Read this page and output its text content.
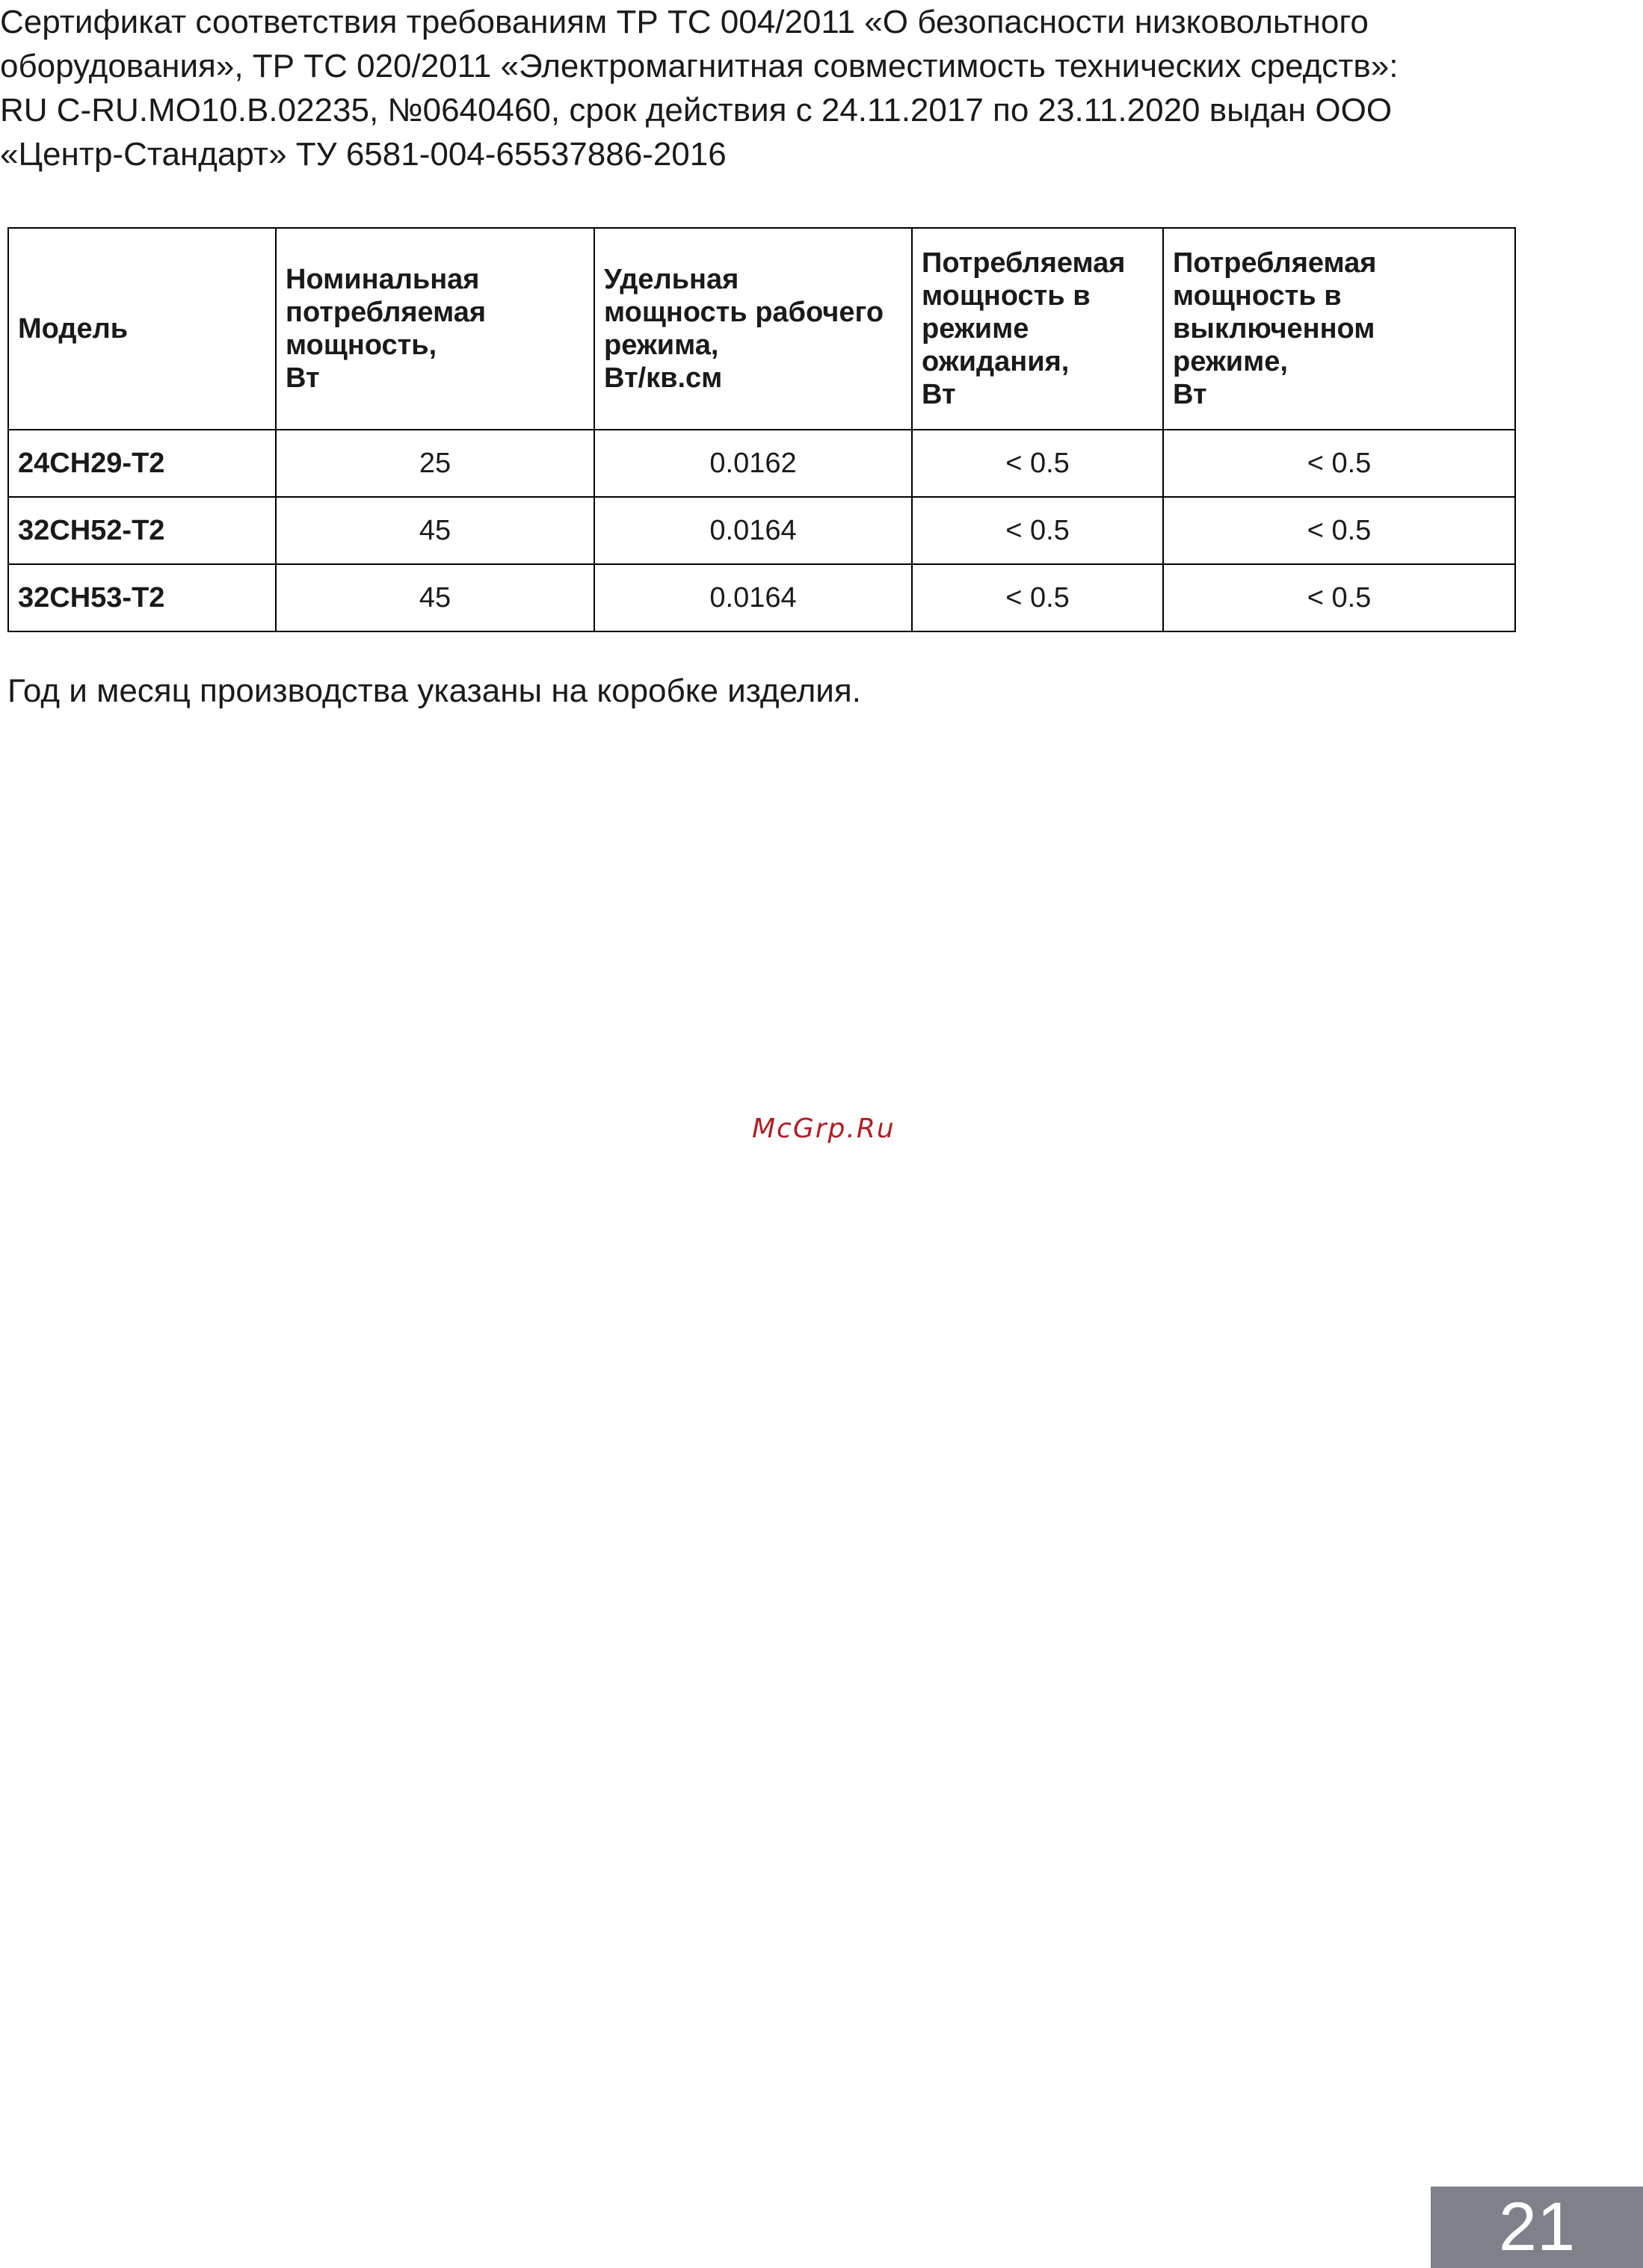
Сертификат соответствия требованиям ТР ТС 004/2011 «О безопасности низковольтного
оборудования», ТР ТС 020/2011 «Электромагнитная совместимость технических средств»:
RU C-RU.MO10.B.02235, №0640460, срок действия с 24.11.2017 по 23.11.2020 выдан ООО
«Центр-Стандарт» ТУ 6581-004-65537886-2016
Модель	Номинальная
потребляемая
мощность,
Вт	Удельная
мощность рабочего
режима,
Вт/кв.см	Потребляемая
мощность в
режиме
ожидания,
Вт	Потребляемая
мощность в
выключенном
режиме,
Вт

24CH29-T2	25	0.0162	< 0.5	< 0.5
32CH52-T2	45	0.0164	< 0.5	< 0.5
32CH53-T2	45	0.0164	< 0.5	< 0.5
Год и месяц производства указаны на коробке изделия.
McGrp.Ru
21
